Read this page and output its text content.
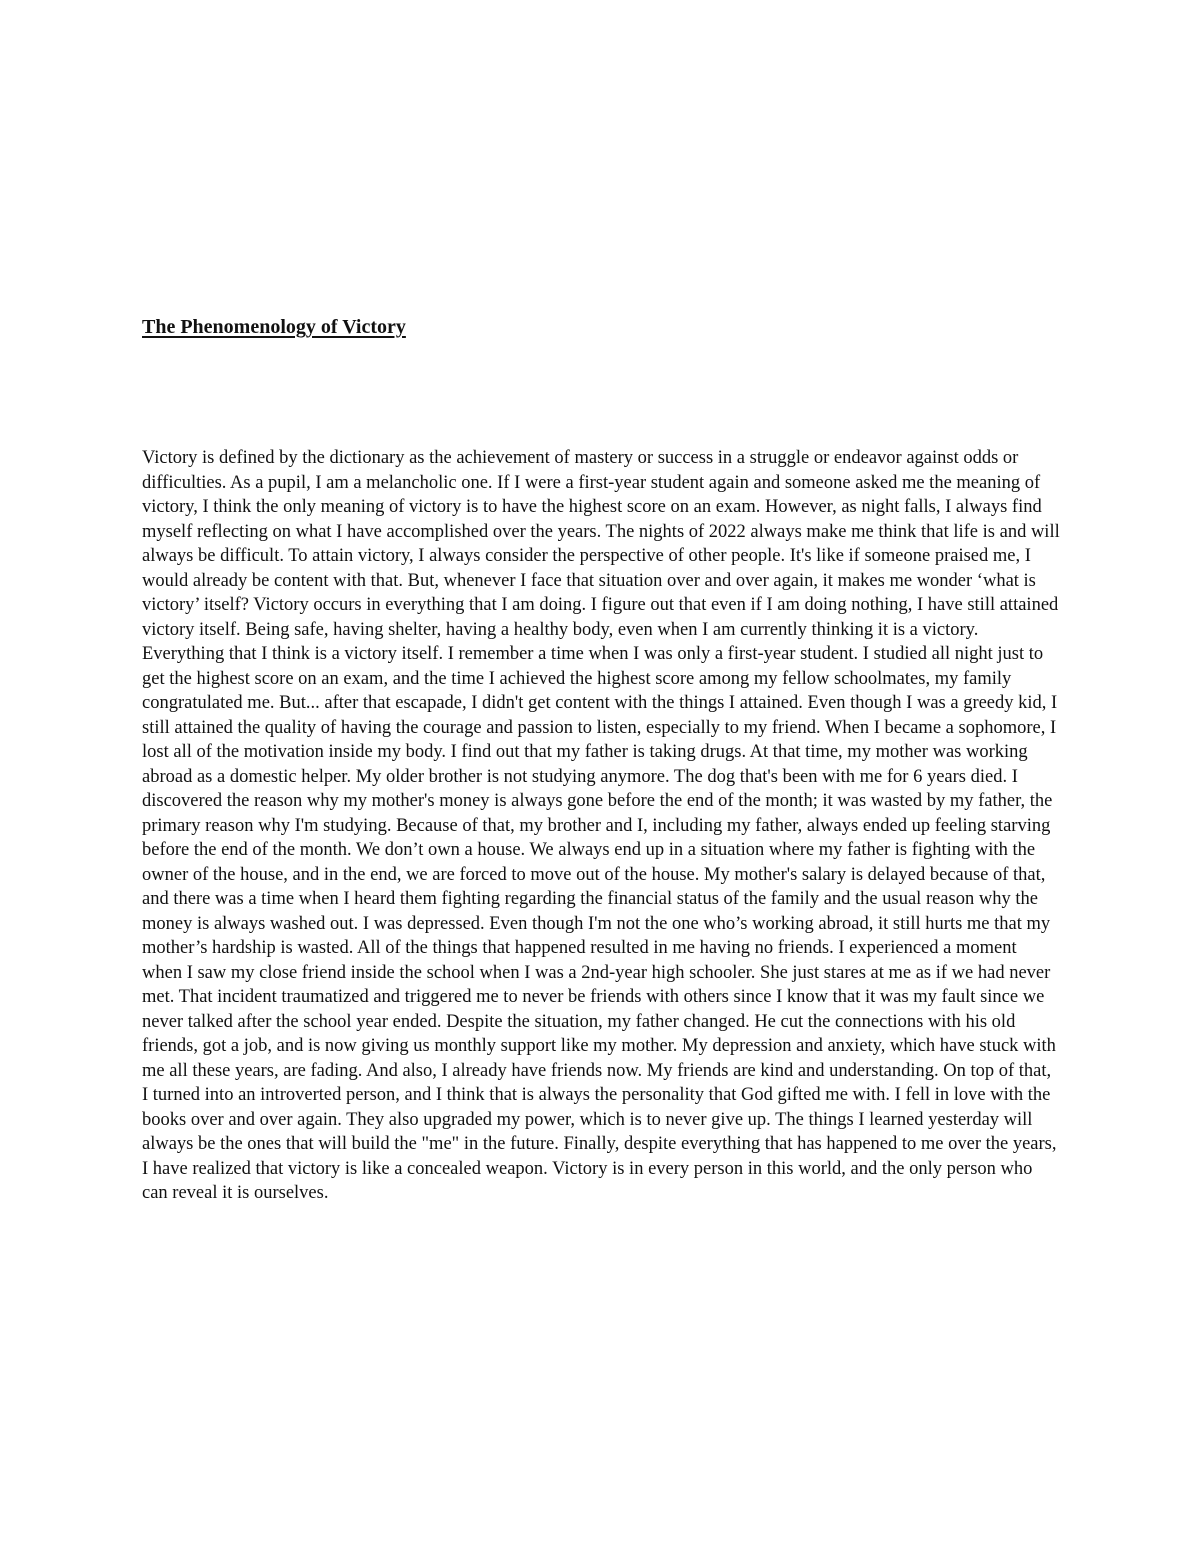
The Phenomenology of Victory

Victory is defined by the dictionary as the achievement of mastery or success in a struggle or endeavor against odds or difficulties. As a pupil, I am a melancholic one. If I were a first-year student again and someone asked me the meaning of victory, I think the only meaning of victory is to have the highest score on an exam. However, as night falls, I always find myself reflecting on what I have accomplished over the years. The nights of 2022 always make me think that life is and will always be difficult. To attain victory, I always consider the perspective of other people. It's like if someone praised me, I would already be content with that. But, whenever I face that situation over and over again, it makes me wonder ‘what is victory’ itself? Victory occurs in everything that I am doing. I figure out that even if I am doing nothing, I have still attained victory itself. Being safe, having shelter, having a healthy body, even when I am currently thinking it is a victory. Everything that I think is a victory itself. I remember a time when I was only a first-year student. I studied all night just to get the highest score on an exam, and the time I achieved the highest score among my fellow schoolmates, my family congratulated me. But... after that escapade, I didn't get content with the things I attained. Even though I was a greedy kid, I still attained the quality of having the courage and passion to listen, especially to my friend. When I became a sophomore, I lost all of the motivation inside my body. I find out that my father is taking drugs. At that time, my mother was working abroad as a domestic helper. My older brother is not studying anymore. The dog that's been with me for 6 years died. I discovered the reason why my mother's money is always gone before the end of the month; it was wasted by my father, the primary reason why I'm studying. Because of that, my brother and I, including my father, always ended up feeling starving before the end of the month. We don’t own a house. We always end up in a situation where my father is fighting with the owner of the house, and in the end, we are forced to move out of the house. My mother's salary is delayed because of that, and there was a time when I heard them fighting regarding the financial status of the family and the usual reason why the money is always washed out. I was depressed. Even though I'm not the one who’s working abroad, it still hurts me that my mother’s hardship is wasted. All of the things that happened resulted in me having no friends. I experienced a moment when I saw my close friend inside the school when I was a 2nd-year high schooler. She just stares at me as if we had never met. That incident traumatized and triggered me to never be friends with others since I know that it was my fault since we never talked after the school year ended. Despite the situation, my father changed. He cut the connections with his old friends, got a job, and is now giving us monthly support like my mother. My depression and anxiety, which have stuck with me all these years, are fading. And also, I already have friends now. My friends are kind and understanding. On top of that, I turned into an introverted person, and I think that is always the personality that God gifted me with. I fell in love with the books over and over again. They also upgraded my power, which is to never give up. The things I learned yesterday will always be the ones that will build the "me" in the future. Finally, despite everything that has happened to me over the years, I have realized that victory is like a concealed weapon. Victory is in every person in this world, and the only person who can reveal it is ourselves.
